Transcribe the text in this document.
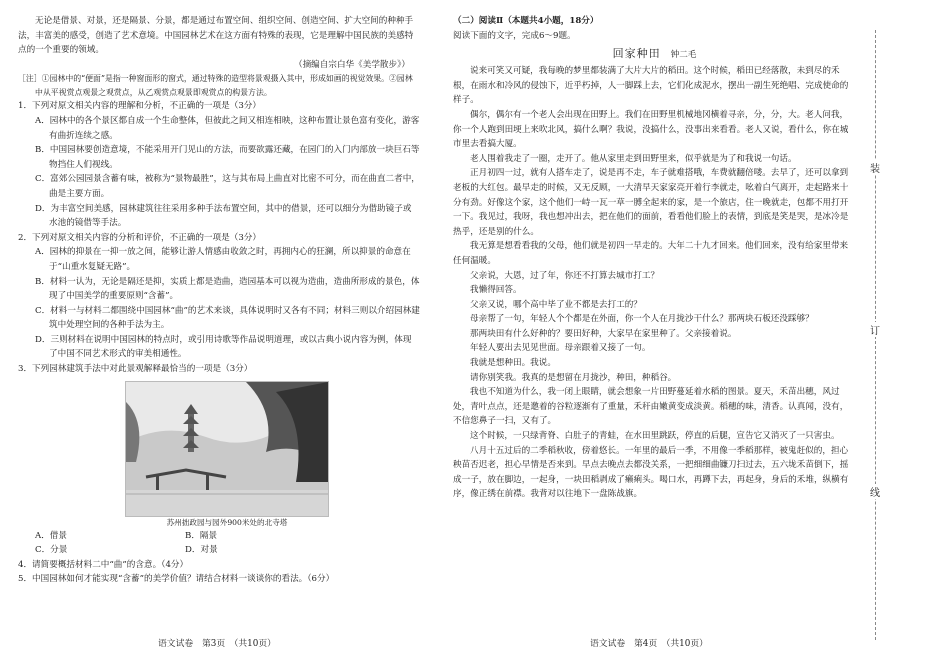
无论是借景、对景，还是隔景、分景，都是通过布置空间、组织空间、创造空间、扩大空间的种种手法，丰富美的感受，创造了艺术意境。中国园林艺术在这方面有特殊的表现，它是理解中国民族的美感特点的一个重要的领域。

（摘编自宗白华《美学散步》）

［注］①园林中的“便面”是指一种窗面形的窗式，通过特殊的造型将景观摄入其中，形成如画的视觉效果。②园林中从平视赏点观景之观赏点，从乙观赏点观景即观赏点的构景方法。

1．下列对原文相关内容的理解和分析，不正确的一项是（3分）

A．园林中的各个景区都自成一个生命整体，但彼此之间又相连相映，这种布置让景色富有变化，游客有曲折连续之感。

B．中国园林要创造意境，不能采用开门见山的方法，而要欲露还藏，在园门的入门内部放一块巨石等物挡住人们视线。

C．富郊公园园景含蓄有味，被称为“景物最胜”，这与其布局上曲直对比密不可分，而在曲直二者中，曲是主要方面。

D．为丰富空间美感，园林建筑往往采用多种手法布置空间，其中的借景，还可以细分为借助镜子或水池的镜借等手法。

2．下列对原文相关内容的分析和评价，不正确的一项是（3分）

A．园林的抑景在一抑一放之间，能够让游人情感由收敛之时，再拥内心的狂澜，所以抑景的命意在于“山重水复疑无路”。

B．材料一认为，无论是隔还是抑，实质上都是造曲，造园基本可以视为造曲，造曲所形成的景色，体现了中国美学的重要原则“含蓄”。

C．材料一与材料二都围绕中国园林“曲”的艺术来谈，具体说明时又各有不同；材料三则以介绍园林建筑中处理空间的各种手法为主。

D．三则材料在说明中国园林的特点时，或引用诗歌等作品说明道理，或以古典小说内容为例，体现了中国不同艺术形式的审美相通性。

3．下列园林建筑手法中对此景观解释最恰当的一项是（3分）

苏州拙政园与园外900米处的北寺塔

A．借景	B．隔景
C．分景	D．对景

4．请简要概括材料二中“曲”的含意。（4分）

5．中国园林如何才能实现“含蓄”的美学价值？请结合材料一谈谈你的看法。（6分）

语文试卷　第3页　（共10页）

（二）阅读Ⅱ（本题共4小题，18分）

阅读下面的文字，完成6～9题。

回家种田 钟二毛

说来可笑又可疑，我每晚的梦里都装满了大片大片的稻田。这个时候，稻田已经落散，未到尽的禾根，在雨水和冷风的侵蚀下，近乎朽掉，人一脚踩上去，它们化成泥水，摆出一副生死绝唱、完成使命的样子。

偶尔，偶尔有一个老人会出现在田野上。我们在田野里机械地冈横着寻亲，分，分，大。老人问我，你一个人跑到田埂上来吹北风，搞什么啊？我说，没搞什么，没事出来看看。老人又说，看什么，你在城市里去看搞大厦。

老人围着我走了一圈，走开了。他从家里走到田野里来，似乎就是为了和我说一句话。

正月初四一过，就有人搭车走了，说是再不走，车子就难搭哦，车费就翻倍喽。去早了，还可以拿到老板的大红包。最早走的时候，又无反顾，一大清早天家家亮开着行李就走，吆着白气离开，走起路来十分有劲。好像这个家，这个他们一峙一瓦一草一膊全起来的家，是一个旅店，住一晚就走，包都不用打开一下。我见过，我呀，我也想冲出去，把在他们的面前，看看他们脸上的表情，到底是笑是哭，是冰冷是热乎，还是别的什么。

我无算是想看看我的父母，他们就是初四一早走的。大年二十九才回来。他们回来，没有给家里带来任何温暖。

父亲说，大恩，过了年，你还不打算去城市打工？

我懒得回答。

父亲又说，哪个高中毕了业不都是去打工的？

母亲帮了一句，年轻人个个都是在外面，你一个人在月拢沙干什么？那两块石板还没踩够？

那两块田有什么好种的？要田好种，大家早在家里种了。父亲接着说。

年轻人要出去见见世面。母亲跟着又接了一句。

我就是想种田。我说。

请你别笑我。我真的是想留在月拢沙，种田，种稻谷。

我也不知道为什么，我一闭上眼睛，就会想象一片田野蔓延着水稻的图景。夏天，禾苗出穗，风过处，青叶点点，还是邀着的谷粒逐渐有了重量，禾秆由嫩黄变成淡黄。稻穗的味，清香。认真闻，没有，不信您鼻子一扫，又有了。

这个时候，一只绿背脊、白肚子的青蛙，在水田里跳跃，停直的后腿，宣告它又消灭了一只害虫。

八月十五过后的二季稻秋收，傍着悠长。一年里的最后一季，不用像一季稻那样，被鬼赶似的，担心秧苗否迟老，担心早情是否来到。早点去晚点去都没关系，一把细细曲镰刀扫过去，五六垅禾苗倒下，摇成一子，放在脚边，一起身，一块田稻剥成了癞痢头。喝口水，再蹲下去，再起身，身后的禾堆，纵横有序，像正绣在前襟。我背对以往地下一盘陈战旗。

语文试卷　第4页　（共10页）
装
订
线
